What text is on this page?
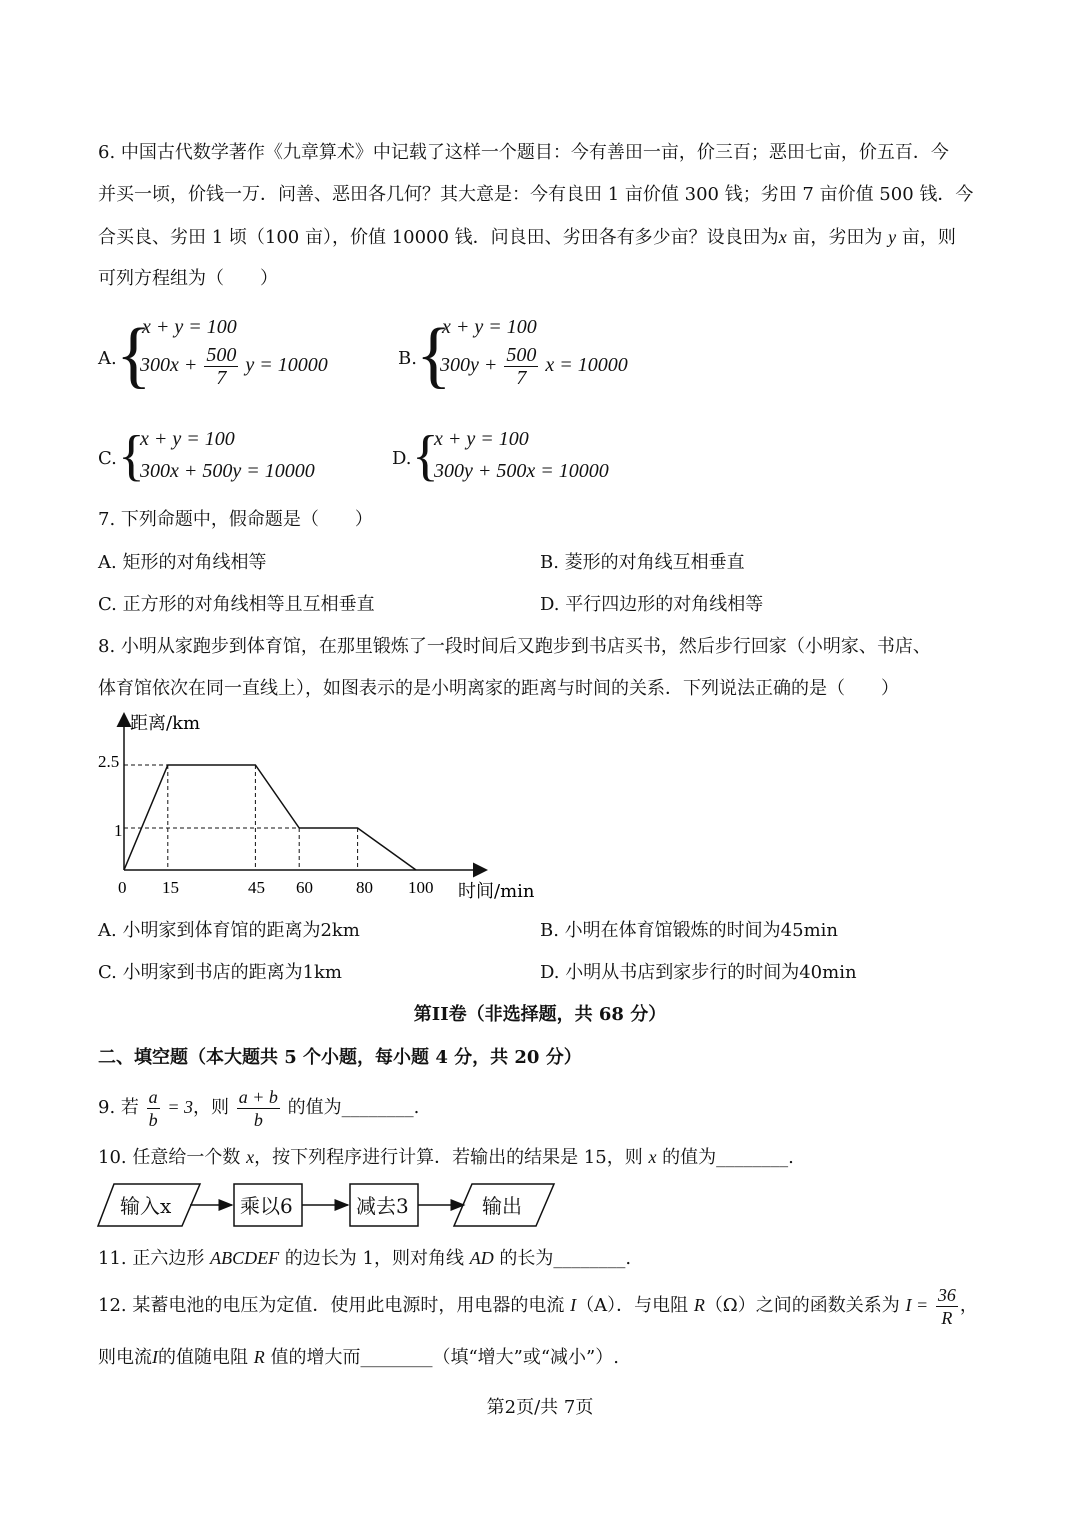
6. 中国古代数学著作《九章算术》中记载了这样一个题目：今有善田一亩，价三百；恶田七亩，价五百．今
并买一顷，价钱一万．问善、恶田各几何？其大意是：今有良田 1 亩价值 300 钱；劣田 7 亩价值 500 钱．今
合买良、劣田 1 顷（100 亩），价值 10000 钱．问良田、劣田各有多少亩？设良田为x 亩，劣田为 y 亩，则
可列方程组为（　　）
A. {
x + y = 100
$300x + \frac{500}{7}$ y = 10000	B. {
x + y = 100
$300y + \frac{500}{7}$ x = 10000
C. {
x + y = 100
300x + 500y = 10000
D. {
x + y = 100
300y + 500x = 10000
7. 下列命题中，假命题是（　　）
A. 矩形的对角线相等	B. 菱形的对角线互相垂直
C. 正方形的对角线相等且互相垂直	D. 平行四边形的对角线相等
8. 小明从家跑步到体育馆，在那里锻炼了一段时间后又跑步到书店买书，然后步行回家（小明家、书店、
体育馆依次在同一直线上），如图表示的是小明离家的距离与时间的关系．下列说法正确的是（　　）
距离/km
时间/min
2.5
1
0 15	45 60	80 100
A. 小明家到体育馆的距离为2km	B. 小明在体育馆锻炼的时间为45min
C. 小明家到书店的距离为1km	D. 小明从书店到家步行的时间为40min
第II卷（非选择题，共 68 分）
二、填空题（本大题共 5 个小题，每小题 4 分，共 20 分）
9. 若 $\frac{a}{b} = 3$，则 $\frac{a + b}{b}$ 的值为________.
10. 任意给一个数 x，按下列程序进行计算．若输出的结果是 15，则 x 的值为________.
输入x	乘以6	减去3	输出
11. 正六边形 ABCDEF 的边长为 1，则对角线 AD 的长为________.
12. 某蓄电池的电压为定值．使用此电源时，用电器的电流 I（A）．与电阻 R（Ω）之间的函数关系为 $I = \frac{36}{R}$ ，
则电流I的值随电阻 R 值的增大而________（填“增大”或“减小”）.
第2页/共 7页
